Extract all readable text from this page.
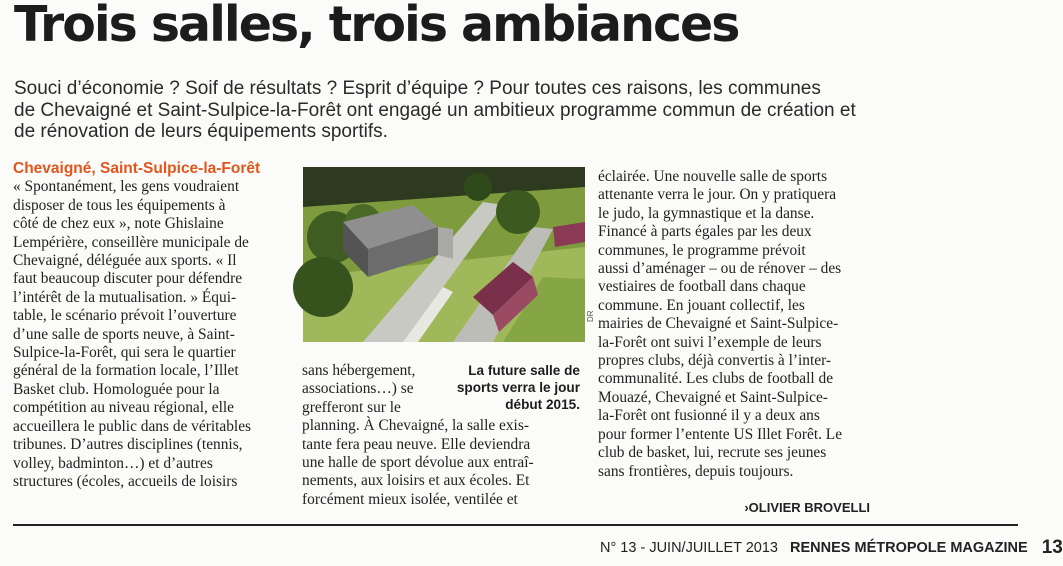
Trois salles, trois ambiances

Souci d’économie ? Soif de résultats ? Esprit d’équipe ? Pour toutes ces raisons, les communes
de Chevaigné et Saint-Sulpice-la-Forêt ont engagé un ambitieux programme commun de création et
de rénovation de leurs équipements sportifs.

Chevaigné, Saint-Sulpice-la-Forêt
« Spontanément, les gens voudraient
disposer de tous les équipements à
côté de chez eux », note Ghislaine
Lempérière, conseillère municipale de
Chevaigné, déléguée aux sports. « Il
faut beaucoup discuter pour défendre
l’intérêt de la mutualisation. » Équi-
table, le scénario prévoit l’ouverture
d’une salle de sports neuve, à Saint-
Sulpice-la-Forêt, qui sera le quartier
général de la formation locale, l’Illet
Basket club. Homologuée pour la
compétition au niveau régional, elle
accueillera le public dans de véritables
tribunes. D’autres disciplines (tennis,
volley, badminton…) et d’autres
structures (écoles, accueils de loisirs
DR
sans hébergement,
associations…) se
grefferont sur le
planning. À Chevaigné, la salle exis-
tante fera peau neuve. Elle deviendra
une halle de sport dévolue aux entraî-
nements, aux loisirs et aux écoles. Et
forcément mieux isolée, ventilée et
La future salle de
sports verra le jour
début 2015.
éclairée. Une nouvelle salle de sports
attenante verra le jour. On y pratiquera
le judo, la gymnastique et la danse.
Financé à parts égales par les deux
communes, le programme prévoit
aussi d’aménager – ou de rénover – des
vestiaires de football dans chaque
commune. En jouant collectif, les
mairies de Chevaigné et Saint-Sulpice-
la-Forêt ont suivi l’exemple de leurs
propres clubs, déjà convertis à l’inter-
communalité. Les clubs de football de
Mouazé, Chevaigné et Saint-Sulpice-
la-Forêt ont fusionné il y a deux ans
pour former l’entente US Illet Forêt. Le
club de basket, lui, recrute ses jeunes
sans frontières, depuis toujours.
›OLIVIER BROVELLI
N° 13 - JUIN/JUILLET 2013 RENNES MÉTROPOLE MAGAZINE 13
